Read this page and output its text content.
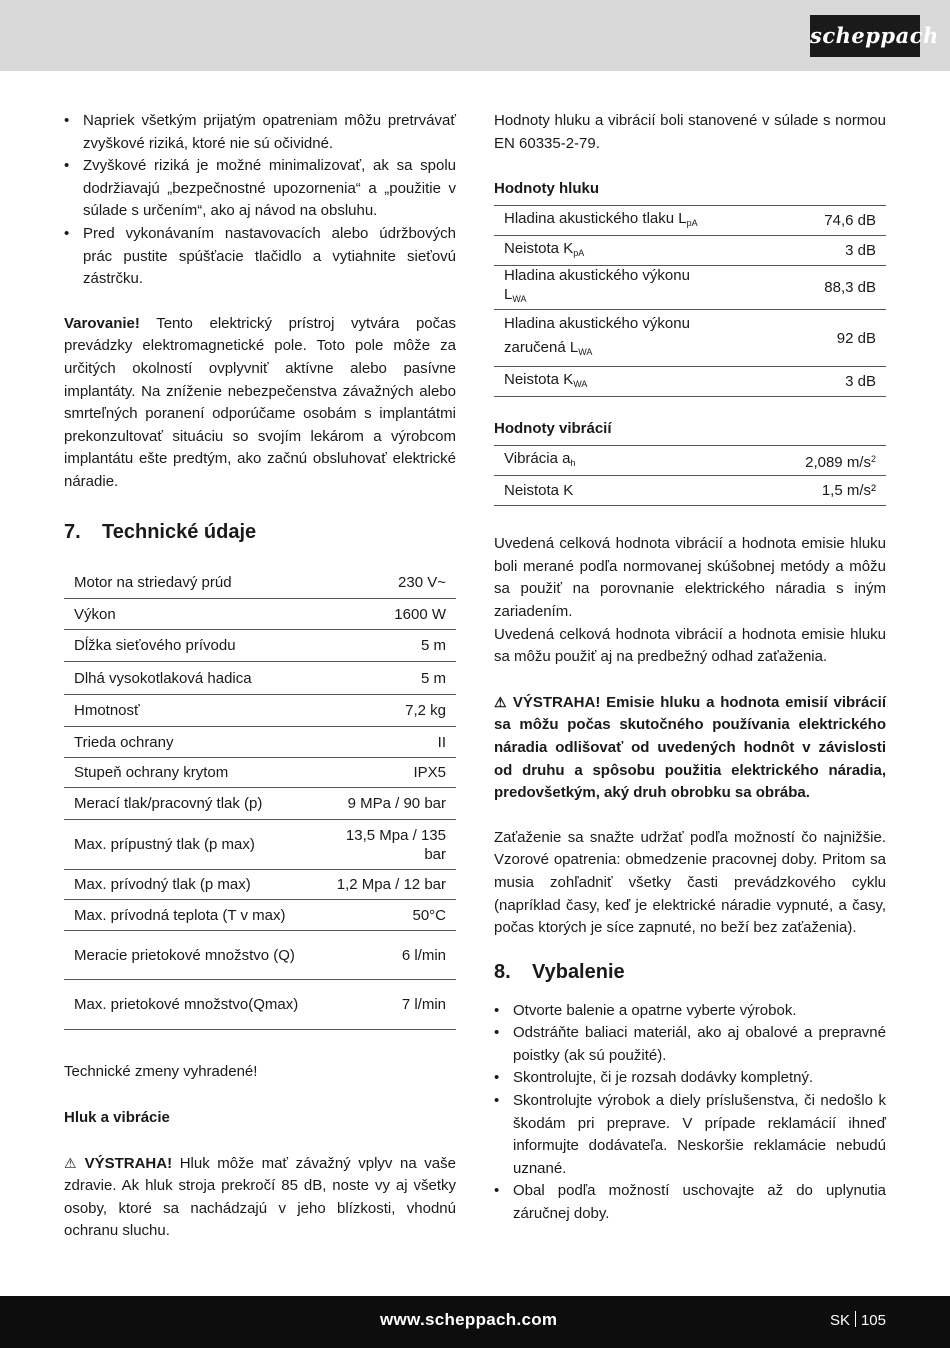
scheppach
• Napriek všetkým prijatým opatreniam môžu pretrvávať zvyškové riziká, ktoré nie sú očividné.
• Zvyškové riziká je možné minimalizovať, ak sa spolu dodržiavajú „bezpečnostné upozornenia“ a „použitie v súlade s určením“, ako aj návod na obsluhu.
• Pred vykonávaním nastavovacích alebo údržbových prác pustite spúšťacie tlačidlo a vytiahnite sieťovú zástrčku.

Varovanie! Tento elektrický prístroj vytvára počas prevádzky elektromagnetické pole. Toto pole môže za určitých okolností ovplyvniť aktívne alebo pasívne implantáty. Na zníženie nebezpečenstva závažných alebo smrteľných poranení odporúčame osobám s implantátmi prekonzultovať situáciu so svojím lekárom a výrobcom implantátu ešte predtým, ako začnú obsluhovať elektrické náradie.

7. Technické údaje
Motor na striedavý prúd	230 V~
Výkon	1600 W
Dĺžka sieťového prívodu	5 m
Dlhá vysokotlaková hadica	5 m
Hmotnosť	7,2 kg
Trieda ochrany	II
Stupeň ochrany krytom	IPX5
Merací tlak/pracovný tlak (p)	9 MPa / 90 bar
Max. prípustný tlak (p max)	13,5 Mpa / 135 bar
Max. prívodný tlak (p max)	1,2 Mpa / 12 bar
Max. prívodná teplota (T v max)	50°C
Meracie prietokové množstvo (Q)	6 l/min
Max. prietokové množstvo(Qmax)	7 l/min

Technické zmeny vyhradené!

Hluk a vibrácie

⚠ VÝSTRAHA! Hluk môže mať závažný vplyv na vaše zdravie. Ak hluk stroja prekročí 85 dB, noste vy aj všetky osoby, ktoré sa nachádzajú v jeho blízkosti, vhodnú ochranu sluchu.

Hodnoty hluku a vibrácií boli stanovené v súlade s normou EN 60335-2-79.

Hodnoty hluku
Hladina akustického tlaku $L_{pA}$	74,6 dB
Neistota $K_{pA}$	3 dB
Hladina akustického výkonu $L_{WA}$	88,3 dB
Hladina akustického výkonu zaručená $L_{WA}$	92 dB
Neistota $K_{WA}$	3 dB
Hodnoty vibrácií
Vibrácia $a_h$	2,089 $m/s^2$
Neistota K	1,5 m/s²

Uvedená celková hodnota vibrácií a hodnota emisie hluku boli merané podľa normovanej skúšobnej metódy a môžu sa použiť na porovnanie elektrického náradia s iným zariadením.

Uvedená celková hodnota vibrácií a hodnota emisie hluku sa môžu použiť aj na predbežný odhad zaťaženia.

⚠ VÝSTRAHA! Emisie hluku a hodnota emisií vibrácií sa môžu počas skutočného používania elektrického náradia odlišovať od uvedených hodnôt v závislosti od druhu a spôsobu použitia elektrického náradia, predovšetkým, aký druh obrobku sa obrába.

Zaťaženie sa snažte udržať podľa možností čo najnižšie. Vzorové opatrenia: obmedzenie pracovnej doby. Pritom sa musia zohľadniť všetky časti prevádzkového cyklu (napríklad časy, keď je elektrické náradie vypnuté, a časy, počas ktorých je síce zapnuté, no beží bez zaťaženia).

8. Vybalenie
• Otvorte balenie a opatrne vyberte výrobok.
• Odstráňte baliaci materiál, ako aj obalové a prepravné poistky (ak sú použité).
• Skontrolujte, či je rozsah dodávky kompletný.
• Skontrolujte výrobok a diely príslušenstva, či nedošlo k škodám pri preprave. V prípade reklamácií ihneď informujte dodávateľa. Neskoršie reklamácie nebudú uznané.
• Obal podľa možností uschovajte až do uplynutia záručnej doby.
www.scheppach.com	SK 105
